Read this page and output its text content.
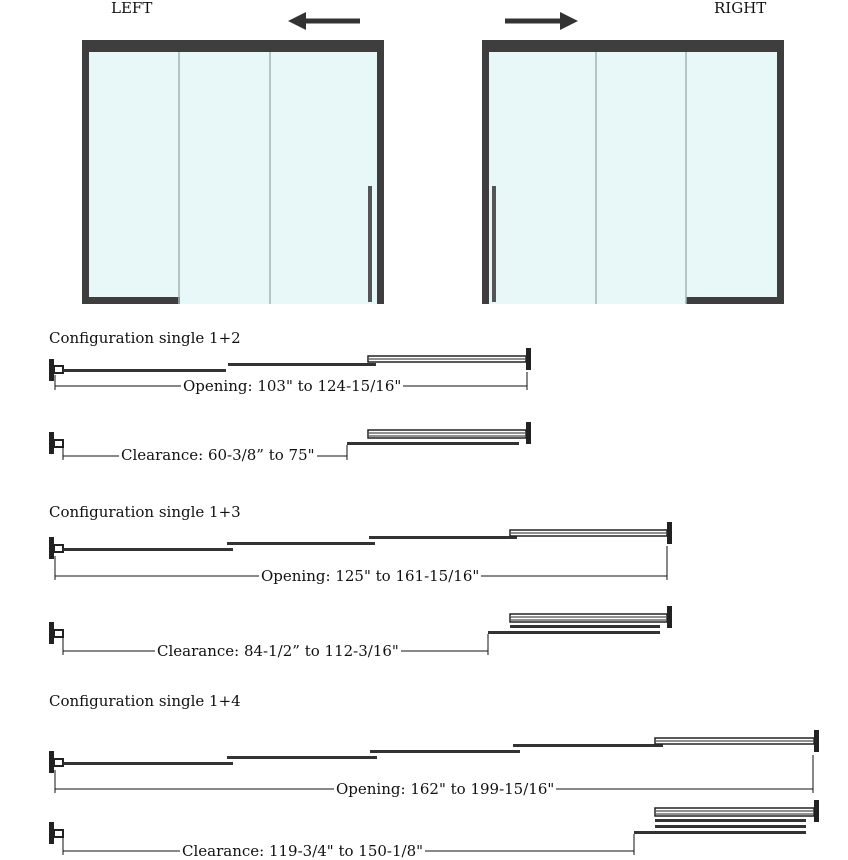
LEFT	RIGHT
Configuration single 1+2
Configuration single 1+3
Configuration single 1+4
Opening: 103" to 124-15/16"
Clearance: 60-3/8” to 75"
Opening: 125" to 161-15/16"
Clearance: 84-1/2” to 112-3/16"
Opening: 162" to 199-15/16"
Clearance: 119-3/4" to 150-1/8"
